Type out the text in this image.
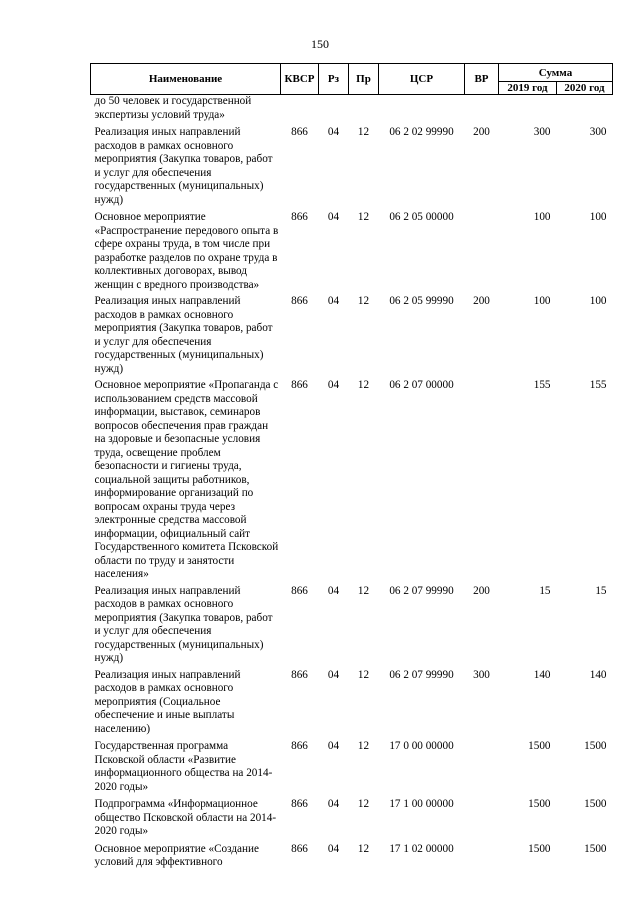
150
Наименование	КВСР	Рз	Пр	ЦСР	ВР	Сумма	
						2019 год	2020 год
до 50 человек и государственной экспертизы условий труда»							
Реализация иных направлений расходов в рамках основного мероприятия (Закупка товаров, работ и услуг для обеспечения государственных (муниципальных) нужд)	866	04	12	06 2 02 99990	200	300	300
Основное мероприятие «Распространение передового опыта в сфере охраны труда, в том числе при разработке разделов по охране труда в коллективных договорах, вывод женщин с вредного производства»	866	04	12	06 2 05 00000		100	100
Реализация иных направлений расходов в рамках основного мероприятия (Закупка товаров, работ и услуг для обеспечения государственных (муниципальных) нужд)	866	04	12	06 2 05 99990	200	100	100
Основное мероприятие «Пропаганда с использованием средств массовой информации, выставок, семинаров вопросов обеспечения прав граждан на здоровые и безопасные условия труда, освещение проблем безопасности и гигиены труда, социальной защиты работников, информирование организаций по вопросам охраны труда через электронные средства массовой информации, официальный сайт Государственного комитета Псковской области по труду и занятости населения»	866	04	12	06 2 07 00000		155	155
Реализация иных направлений расходов в рамках основного мероприятия (Закупка товаров, работ и услуг для обеспечения государственных (муниципальных) нужд)	866	04	12	06 2 07 99990	200	15	15
Реализация иных направлений расходов в рамках основного мероприятия (Социальное обеспечение и иные выплаты населению)	866	04	12	06 2 07 99990	300	140	140
Государственная программа Псковской области «Развитие информационного общества на 2014-2020 годы»	866	04	12	17 0 00 00000		1500	1500
Подпрограмма «Информационное общество Псковской области на 2014-2020 годы»	866	04	12	17 1 00 00000		1500	1500
Основное мероприятие «Создание условий для эффективного	866	04	12	17 1 02 00000		1500	1500
